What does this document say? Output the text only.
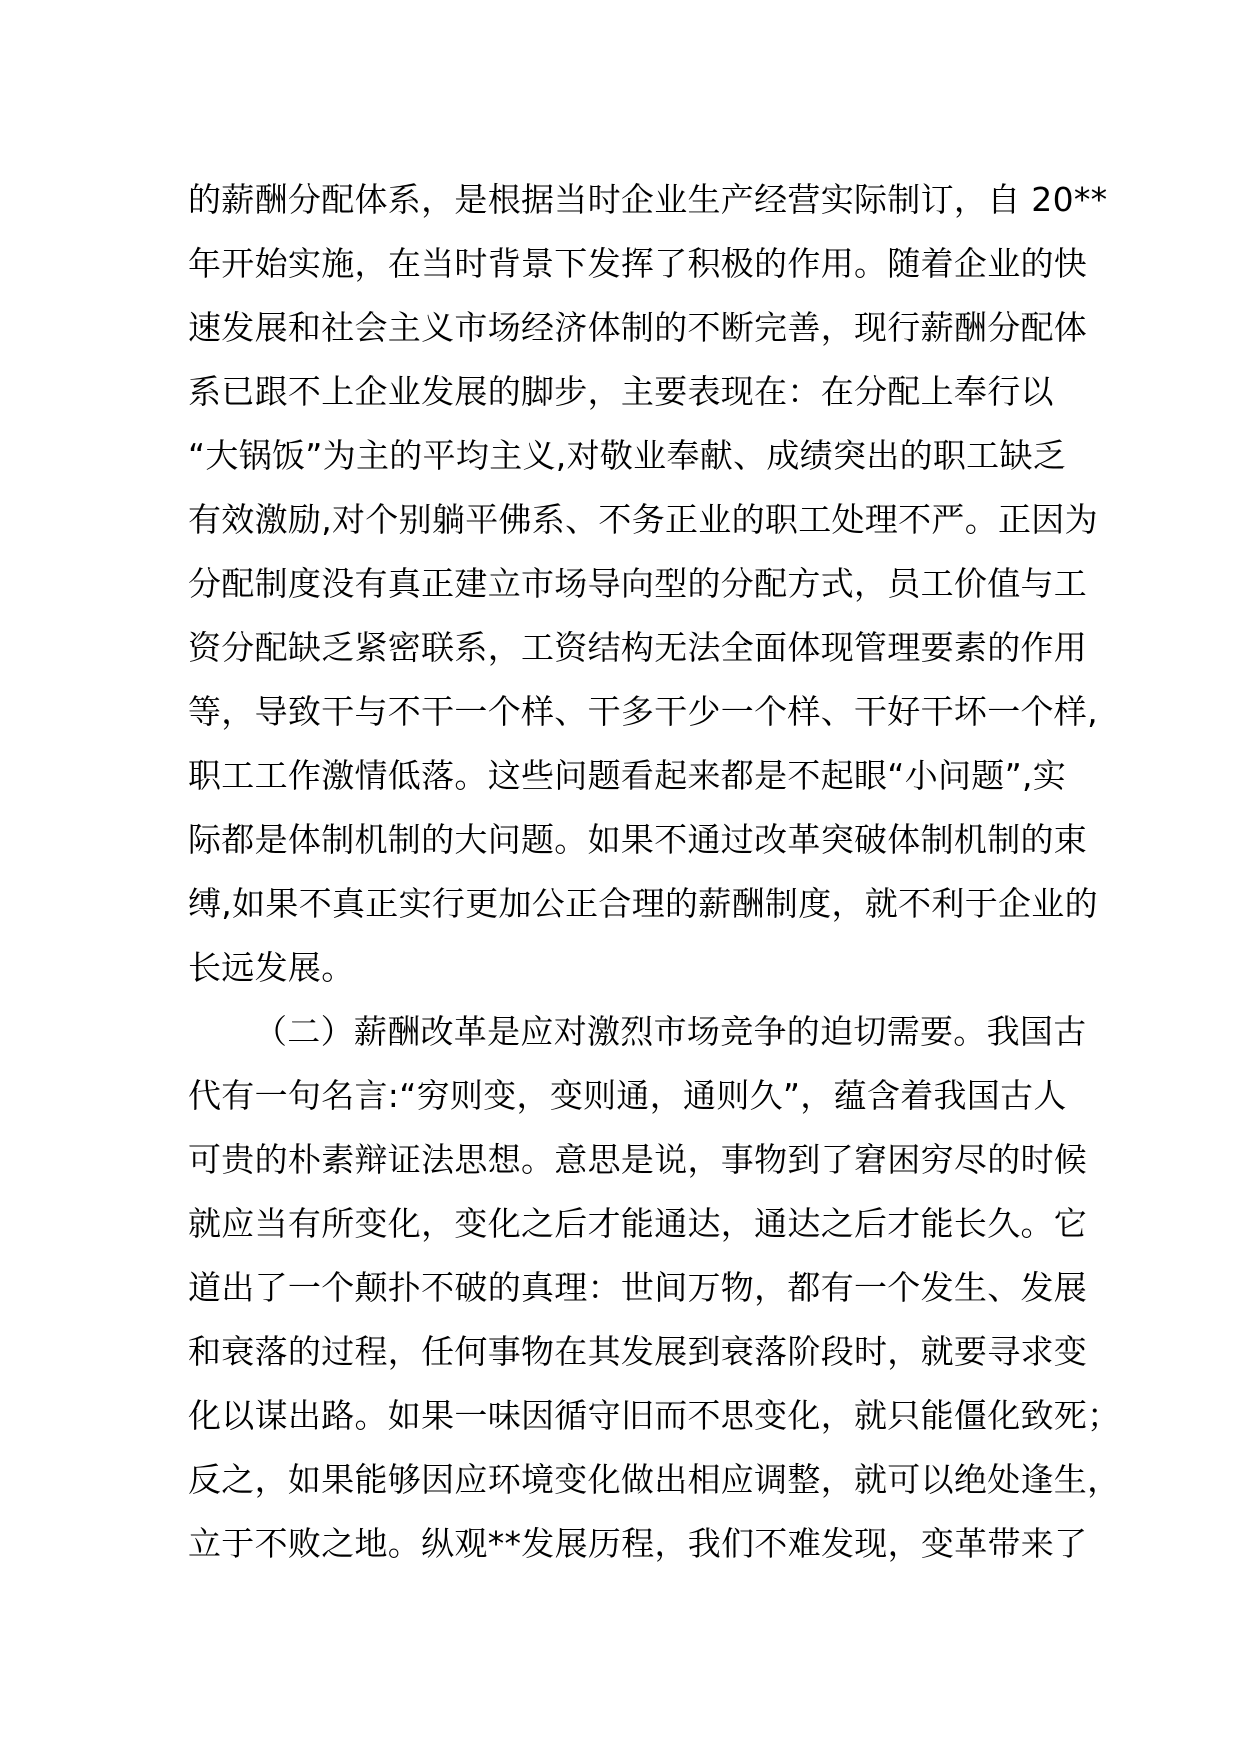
的薪酬分配体系，是根据当时企业生产经营实际制订，自 20**
年开始实施，在当时背景下发挥了积极的作用。随着企业的快
速发展和社会主义市场经济体制的不断完善，现行薪酬分配体
系已跟不上企业发展的脚步，主要表现在：在分配上奉行以
“大锅饭”为主的平均主义,对敬业奉献、成绩突出的职工缺乏
有效激励,对个别躺平佛系、不务正业的职工处理不严。正因为
分配制度没有真正建立市场导向型的分配方式，员工价值与工
资分配缺乏紧密联系，工资结构无法全面体现管理要素的作用
等，导致干与不干一个样、干多干少一个样、干好干坏一个样,
职工工作激情低落。这些问题看起来都是不起眼“小问题”,实
际都是体制机制的大问题。如果不通过改革突破体制机制的束
缚,如果不真正实行更加公正合理的薪酬制度，就不利于企业的
长远发展。
（二）薪酬改革是应对激烈市场竞争的迫切需要。我国古
代有一句名言:“穷则变，变则通，通则久”，蕴含着我国古人
可贵的朴素辩证法思想。意思是说，事物到了窘困穷尽的时候
就应当有所变化，变化之后才能通达，通达之后才能长久。它
道出了一个颠扑不破的真理：世间万物，都有一个发生、发展
和衰落的过程，任何事物在其发展到衰落阶段时，就要寻求变
化以谋出路。如果一味因循守旧而不思变化，就只能僵化致死；
反之，如果能够因应环境变化做出相应调整，就可以绝处逢生，
立于不败之地。纵观**发展历程，我们不难发现，变革带来了
